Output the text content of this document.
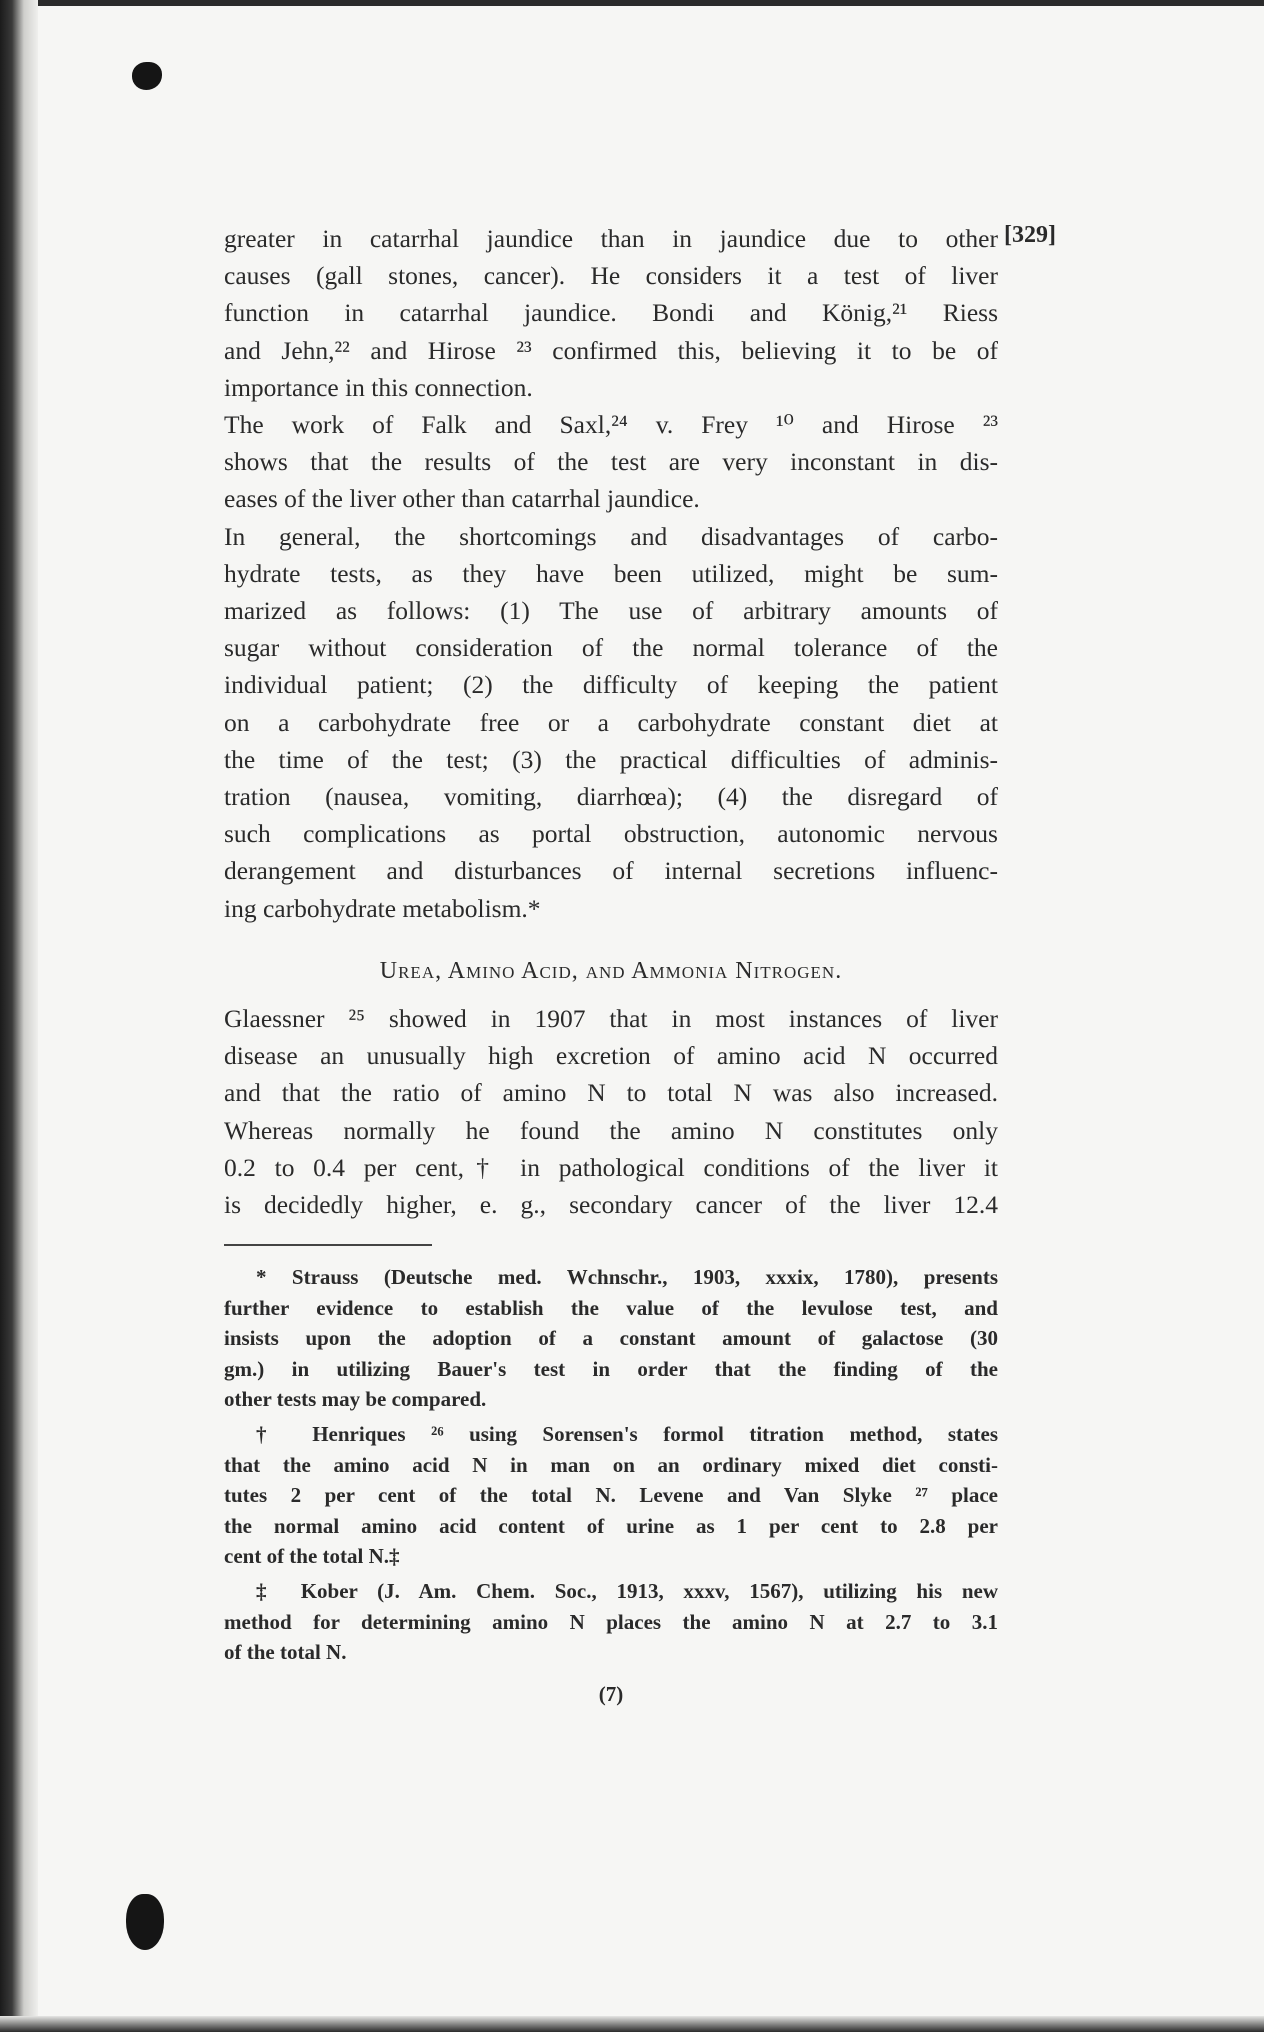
[329]

greater in catarrhal jaundice than in jaundice due to other
causes (gall stones, cancer). He considers it a test of liver
function in catarrhal jaundice. Bondi and König,²¹ Riess
and Jehn,²² and Hirose ²³ confirmed this, believing it to be of
importance in this connection.

The work of Falk and Saxl,²⁴ v. Frey ¹⁰ and Hirose ²³
shows that the results of the test are very inconstant in dis-
eases of the liver other than catarrhal jaundice.

In general, the shortcomings and disadvantages of carbo-
hydrate tests, as they have been utilized, might be sum-
marized as follows: (1) The use of arbitrary amounts of
sugar without consideration of the normal tolerance of the
individual patient; (2) the difficulty of keeping the patient
on a carbohydrate free or a carbohydrate constant diet at
the time of the test; (3) the practical difficulties of adminis-
tration (nausea, vomiting, diarrhœa); (4) the disregard of
such complications as portal obstruction, autonomic nervous
derangement and disturbances of internal secretions influenc-
ing carbohydrate metabolism.*

Urea, Amino Acid, and Ammonia Nitrogen.

Glaessner ²⁵ showed in 1907 that in most instances of liver
disease an unusually high excretion of amino acid N occurred
and that the ratio of amino N to total N was also increased.
Whereas normally he found the amino N constitutes only
0.2 to 0.4 per cent,† in pathological conditions of the liver it
is decidedly higher, e. g., secondary cancer of the liver 12.4

* Strauss (Deutsche med. Wchnschr., 1903, xxxix, 1780), presents
further evidence to establish the value of the levulose test, and
insists upon the adoption of a constant amount of galactose (30
gm.) in utilizing Bauer's test in order that the finding of the
other tests may be compared.

† Henriques ²⁶ using Sorensen's formol titration method, states
that the amino acid N in man on an ordinary mixed diet consti-
tutes 2 per cent of the total N. Levene and Van Slyke ²⁷ place
the normal amino acid content of urine as 1 per cent to 2.8 per
cent of the total N.‡

‡ Kober (J. Am. Chem. Soc., 1913, xxxv, 1567), utilizing his new
method for determining amino N places the amino N at 2.7 to 3.1
of the total N.

(7)
